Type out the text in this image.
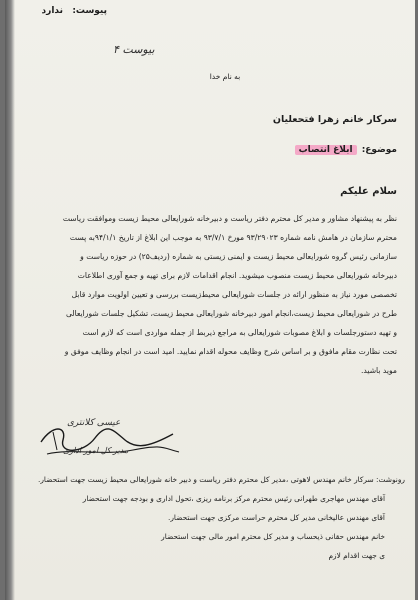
پیوست:
ندارد
بیوست ۴
به نام خدا
سرکار خانم زهرا فتحعلیان
موضوع: ابلاغ انتصاب
سلام علیکم
نظر به پیشنهاد مشاور و مدیر کل محترم دفتر ریاست و دبیرخانه شورایعالی محیط زیست وموافقت ریاست
محترم سازمان در هامش نامه شماره ۹۳/۲۹۰۲۳ مورخ ۹۳/۷/۱ به موجب این ابلاغ از تاریخ ۹۴/۱/۱به پست
سازمانی رئیس گروه شورایعالی محیط زیست و ایمنی زیستی به شماره (ردیف۲۵) در حوزه ریاست و
دبیرخانه شورایعالی محیط زیست منصوب میشوید. انجام اقدامات لازم برای تهیه و جمع آوری اطلاعات
تخصصی مورد نیاز به منظور ارائه در جلسات شورایعالی محیط‌زیست بررسی و تعیین اولویت موارد قابل
طرح در شورایعالی محیط زیست،انجام امور دبیرخانه شورایعالی محیط زیست، تشکیل جلسات شورایعالی
و تهیه دستورجلسات و ابلاغ مصوبات شورایعالی به مراجع ذیربط از جمله مواردی است که لازم است
تحت نظارت مقام مافوق و بر اساس شرح وظایف محوله اقدام نمایید. امید است در انجام وظایف موفق و
موید باشید.
عیسی کلانتری
مدیر کل امور اداری
رونوشت: سرکار خانم مهندس لاهوتی ،مدیر کل محترم دفتر ریاست و دبیر خانه شورایعالی محیط زیست جهت استحضار.
آقای مهندس مهاجری طهرانی رئیس محترم مرکز برنامه ریزی ،تحول اداری و بودجه جهت استحضار
آقای مهندس عالیخانی مدیر کل محترم حراست مرکزی جهت استحضار.
خانم مهندس حقانی ذیحساب و مدیر کل محترم امور مالی جهت استحضار
ی جهت اقدام لازم
